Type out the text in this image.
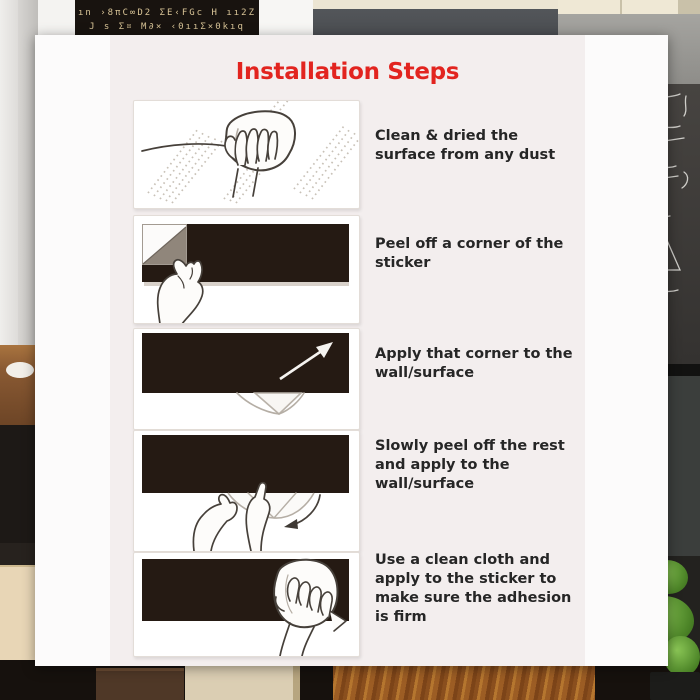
ın ›8πC∞D2 ΣE‹FGc H ıı2Z
J s Σ¤ M∂× ‹0ııΣ×0kıq
Installation Steps
Clean & dried the surface from any dust
Peel off a corner of the sticker
Apply that corner to the wall/surface
Slowly peel off the rest and apply to the wall/surface
Use a clean cloth and apply to the sticker to make sure the adhesion is firm
